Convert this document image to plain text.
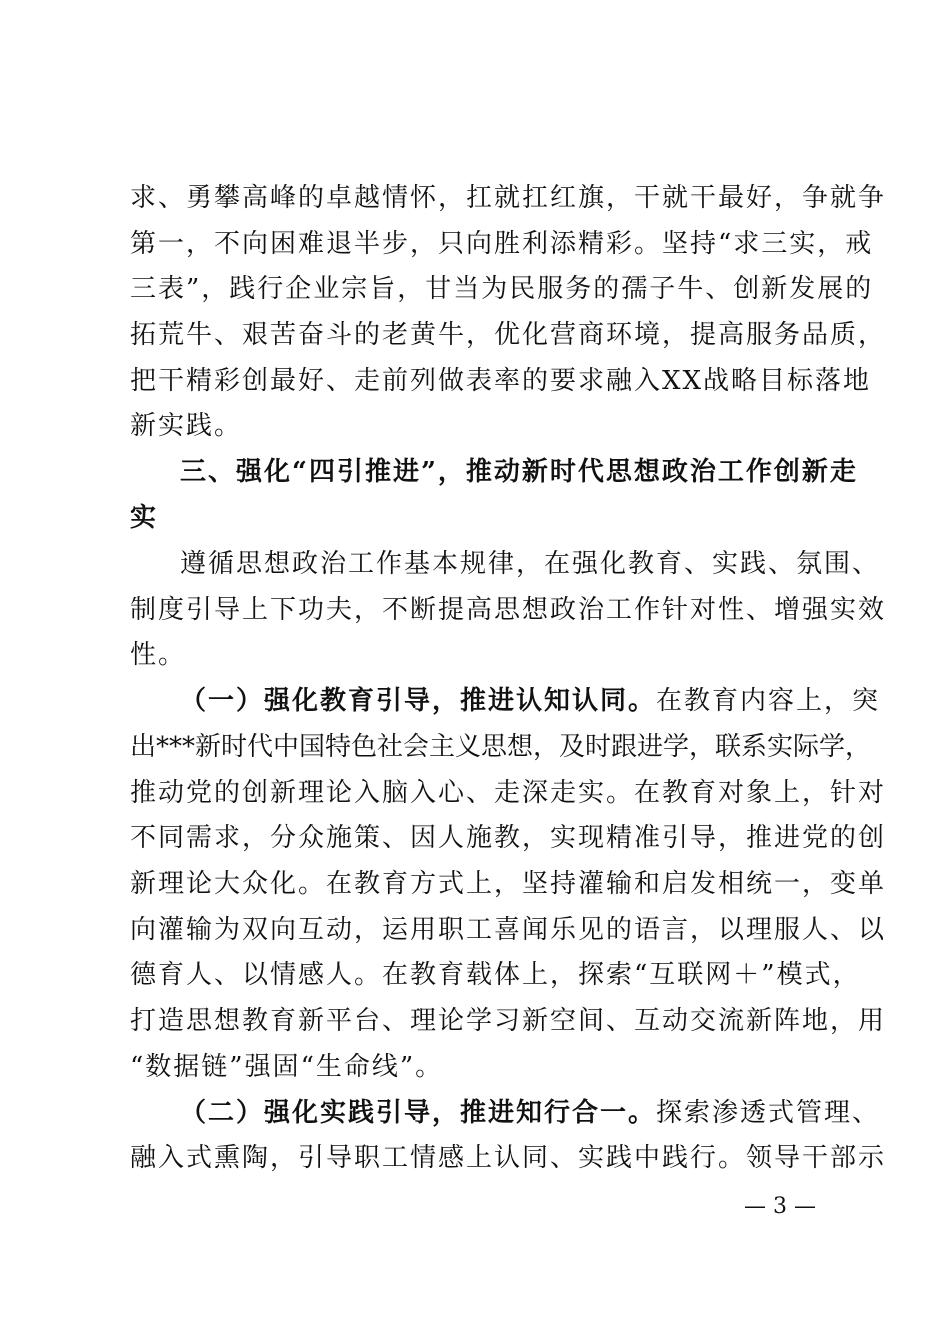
求、勇攀高峰的卓越情怀，扛就扛红旗，干就干最好，争就争
第一，不向困难退半步，只向胜利添精彩。坚持“求三实，戒
三表”，践行企业宗旨，甘当为民服务的孺子牛、创新发展的
拓荒牛、艰苦奋斗的老黄牛，优化营商环境，提高服务品质，
把干精彩创最好、走前列做表率的要求融入XX战略目标落地
新实践。
三、强化“四引推进”，推动新时代思想政治工作创新走
实
遵循思想政治工作基本规律，在强化教育、实践、氛围、
制度引导上下功夫，不断提高思想政治工作针对性、增强实效
性。
（一）强化教育引导，推进认知认同。在教育内容上，突
出***新时代中国特色社会主义思想，及时跟进学，联系实际学，
推动党的创新理论入脑入心、走深走实。在教育对象上，针对
不同需求，分众施策、因人施教，实现精准引导，推进党的创
新理论大众化。在教育方式上，坚持灌输和启发相统一，变单
向灌输为双向互动，运用职工喜闻乐见的语言，以理服人、以
德育人、以情感人。在教育载体上，探索“互联网＋”模式，
打造思想教育新平台、理论学习新空间、互动交流新阵地，用
“数据链”强固“生命线”。
（二）强化实践引导，推进知行合一。探索渗透式管理、
融入式熏陶，引导职工情感上认同、实践中践行。领导干部示
— 3 —
